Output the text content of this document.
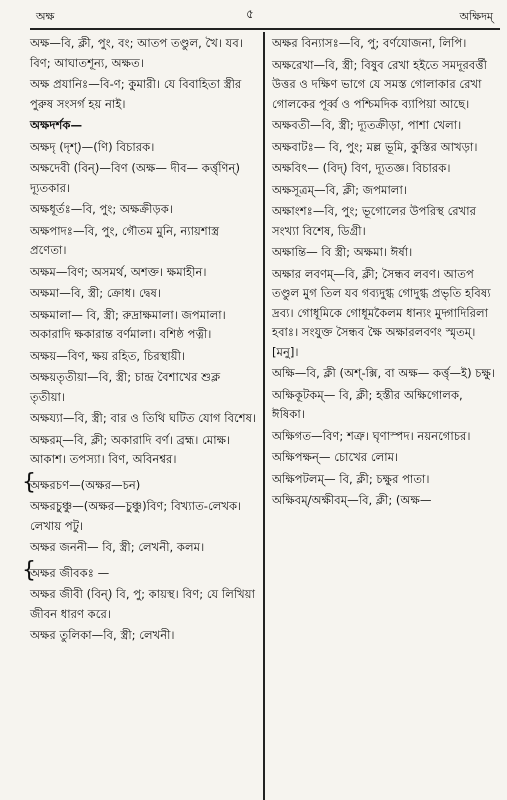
অক্ষ	৫	অক্ষিদম্
অক্ষ—বি, ক্লী, পুং, বং; আতপ তণ্ডুল, খৈ। যব। বিণ; আঘাতশূন্য, অক্ষত।
অক্ষ প্রযানিঃ—বি-ণ; কুমারী। যে বিবাহিতা স্ত্রীর পুরুষ সংসর্গ হয় নাই।
অক্ষদর্শক—
অক্ষদৃ (দৃশ্)—(ণি) বিচারক।
অক্ষদেবী (বিন্)—বিণ (অক্ষ— দীব— কর্ত্তৃণিন্) দ্যূতকার।
অক্ষধূর্তঃ—বি, পুং; অক্ষক্রীড়ক।
অক্ষপাদঃ—বি, পুং, গৌতম মুনি, ন্যায়শাস্ত্র প্রণেতা।
অক্ষম—বিণ; অসমর্থ, অশক্ত। ক্ষমাহীন।
অক্ষমা—বি, স্ত্রী; ক্রোধ। দ্বেষ।
অক্ষমালা— বি, স্ত্রী; রুদ্রাক্ষমালা। জপমালা। অকারাদি ক্ষকারান্ত বর্ণমালা। বশিষ্ঠ পত্নী।
অক্ষয়—বিণ, ক্ষয় রহিত, চিরস্থায়ী।
অক্ষয়তৃতীয়া—বি, স্ত্রী; চান্দ্র বৈশাখের শুক্ল তৃতীয়া।
অক্ষয্যা—বি, স্ত্রী; বার ও তিথি ঘটিত যোগ বিশেষ।
অক্ষরম্—বি, ক্লী; অকারাদি বর্ণ। ব্রহ্ম। মোক্ষ। আকাশ। তপস্যা। বিণ, অবিনশ্বর।
{অক্ষরচণ—(অক্ষর—চন)
অক্ষরচুঞ্চু—(অক্ষর—চুঞ্চু)বিণ; বিখ্যাত-লেখক। লেখায় পটু।
অক্ষর জননী— বি, স্ত্রী; লেখনী, কলম।
{অক্ষর জীবকঃ —
অক্ষর জীবী (বিন্) বি, পু; কায়স্থ। বিণ; যে লিখিয়া জীবন ধারণ করে।
অক্ষর তুলিকা—বি, স্ত্রী; লেখনী।
অক্ষর বিন্যাসঃ—বি, পু; বর্ণযোজনা, লিপি।
অক্ষরেখা—বি, স্ত্রী; বিষুব রেখা হইতে সমদূরবর্ত্তী উত্তর ও দক্ষিণ ভাগে যে সমস্ত গোলাকার রেখা গোলকের পূর্ব্ব ও পশ্চিমদিক ব্যাপিয়া আছে।
অক্ষবতী—বি, স্ত্রী; দ্যূতক্রীড়া, পাশা খেলা।
অক্ষবাটঃ— বি, পুং; মল্ল ভূমি, কুস্তির আখড়া।
অক্ষবিৎ— (বিদ্) বিণ, দ্যূতজ্ঞ। বিচারক।
অক্ষসূত্রম্—বি, ক্লী; জপমালা।
অক্ষাংশঃ—বি, পুং; ভূগোলের উপরিস্থ রেখার সংখ্যা বিশেষ, ডিগ্রী।
অক্ষান্তি— বি স্ত্রী; অক্ষমা। ঈর্ষা।
অক্ষার লবণম্—বি, ক্লী; সৈন্ধব লবণ। আতপ তণ্ডুল মুগ তিল যব গব্যদুগ্ধ গোদুগ্ধ প্রভৃতি হবিষ্য দ্রব্য। গোধূমিকে গোধূমকৈলম ধান্যং মুদ্গাদিরিলা হবাঃ। সংযুক্ত সৈন্ধব ক্ষৈ অক্ষারলবণং স্মৃতম্। [মনু]।
অক্ষি—বি, ক্লী (অশ্-ক্সি, বা অক্ষ— কর্ত্তৃ—ই) চক্ষু।
অক্ষিকূটকম্— বি, ক্লী; হস্তীর অক্ষিগোলক, ঈষিকা।
অক্ষিগত—বিণ; শত্রু। ঘৃণাস্পদ। নয়নগোচর।
অক্ষিপক্ষন্— চোখের লোম।
অক্ষিপটলম্— বি, ক্লী; চক্ষুর পাতা।
অক্ষিবম্/অক্ষীবম্—বি, ক্লী; (অক্ষ—
